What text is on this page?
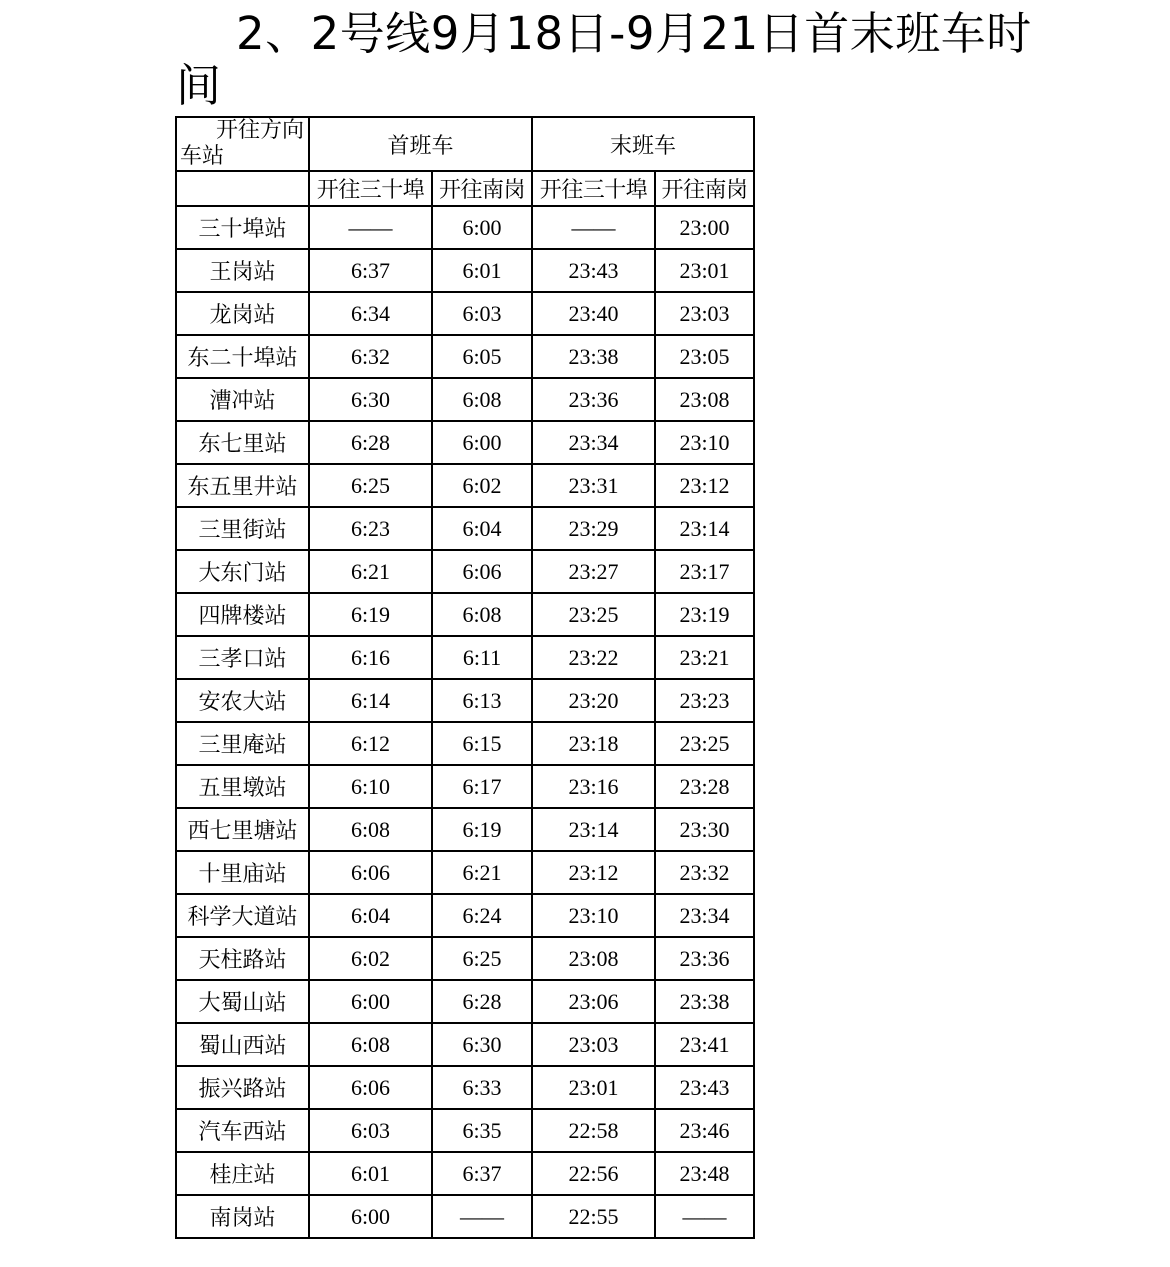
2、2号线9月18日-9月21日首末班车时间
开往方向
车站	首班车		末班车	
	开往三十埠	开往南岗	开往三十埠	开往南岗
三十埠站	——	6:00	——	23:00
王岗站	6:37	6:01	23:43	23:01
龙岗站	6:34	6:03	23:40	23:03
东二十埠站	6:32	6:05	23:38	23:05
漕冲站	6:30	6:08	23:36	23:08
东七里站	6:28	6:00	23:34	23:10
东五里井站	6:25	6:02	23:31	23:12
三里街站	6:23	6:04	23:29	23:14
大东门站	6:21	6:06	23:27	23:17
四牌楼站	6:19	6:08	23:25	23:19
三孝口站	6:16	6:11	23:22	23:21
安农大站	6:14	6:13	23:20	23:23
三里庵站	6:12	6:15	23:18	23:25
五里墩站	6:10	6:17	23:16	23:28
西七里塘站	6:08	6:19	23:14	23:30
十里庙站	6:06	6:21	23:12	23:32
科学大道站	6:04	6:24	23:10	23:34
天柱路站	6:02	6:25	23:08	23:36
大蜀山站	6:00	6:28	23:06	23:38
蜀山西站	6:08	6:30	23:03	23:41
振兴路站	6:06	6:33	23:01	23:43
汽车西站	6:03	6:35	22:58	23:46
桂庄站	6:01	6:37	22:56	23:48
南岗站	6:00	——	22:55	——
